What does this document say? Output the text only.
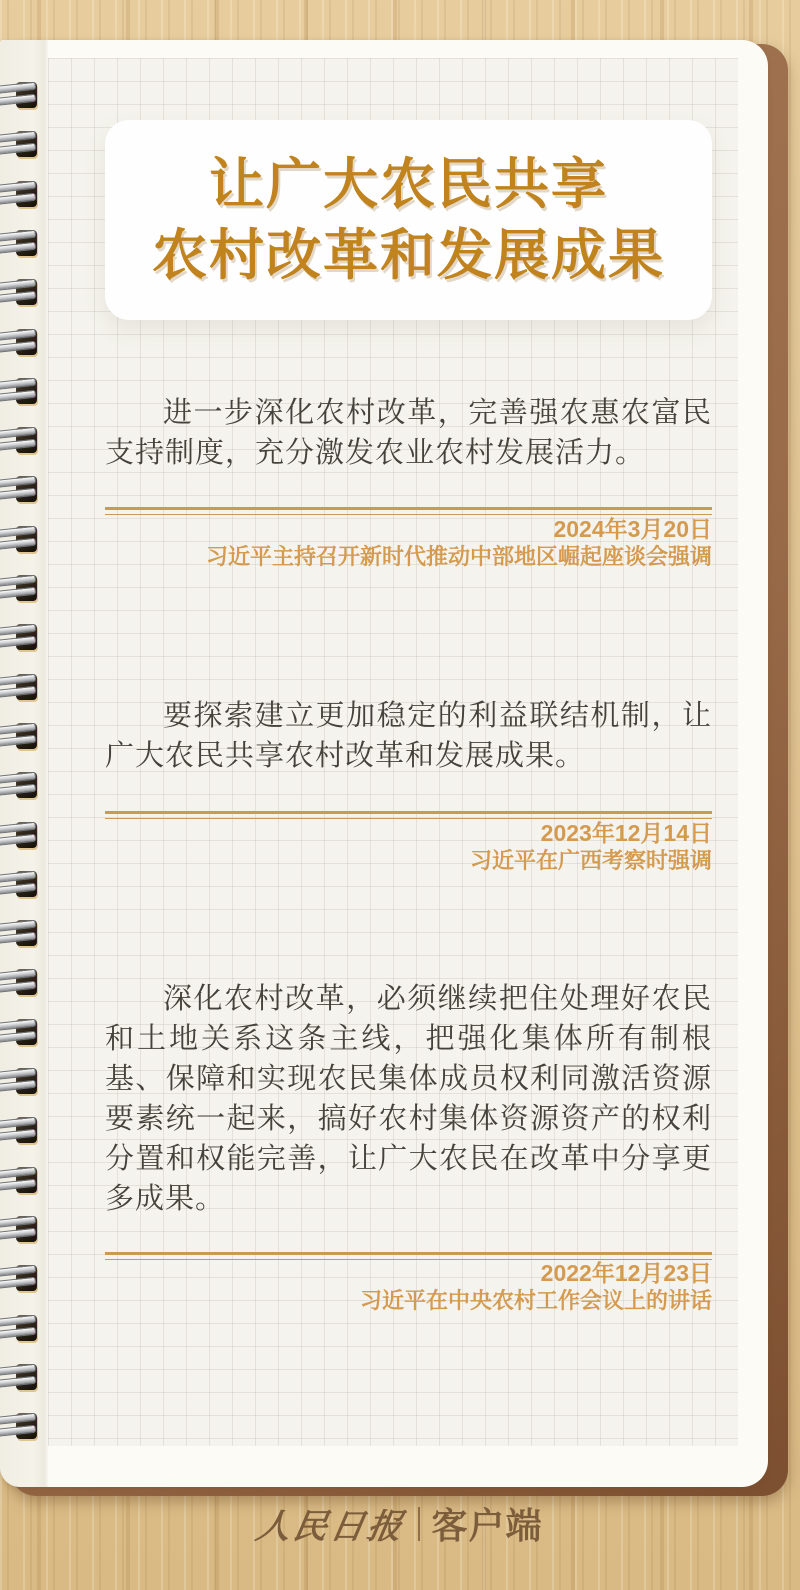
让广大农民共享
农村改革和发展成果
进一步深化农村改革，完善强农惠农富民支持制度，充分激发农业农村发展活力。
2024年3月20日
习近平主持召开新时代推动中部地区崛起座谈会强调
要探索建立更加稳定的利益联结机制，让广大农民共享农村改革和发展成果。
2023年12月14日
习近平在广西考察时强调
深化农村改革，必须继续把住处理好农民和土地关系这条主线，把强化集体所有制根基、保障和实现农民集体成员权利同激活资源要素统一起来，搞好农村集体资源资产的权利分置和权能完善，让广大农民在改革中分享更多成果。
2022年12月23日
习近平在中央农村工作会议上的讲话
人民日报 客户端
